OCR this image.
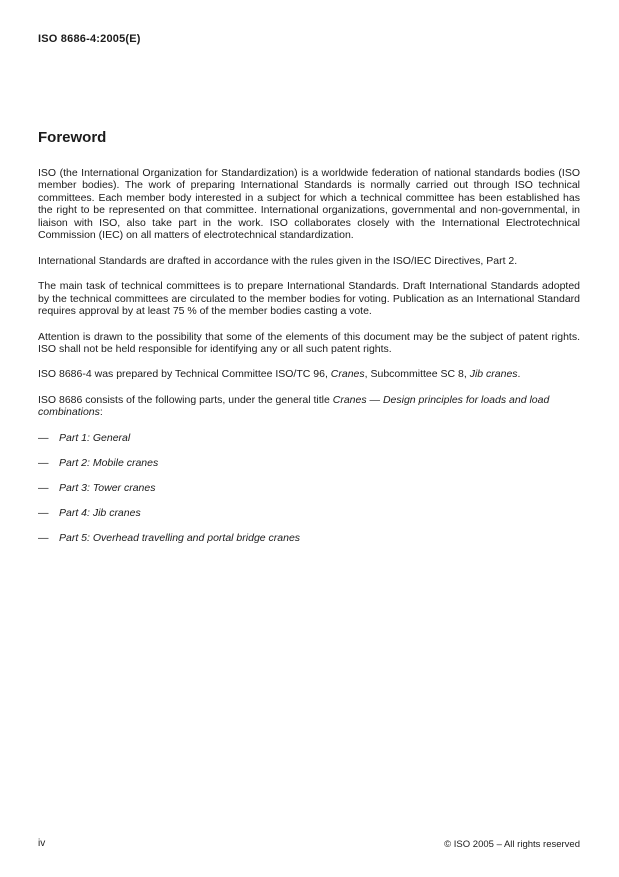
ISO 8686-4:2005(E)
Foreword

ISO (the International Organization for Standardization) is a worldwide federation of national standards bodies (ISO member bodies). The work of preparing International Standards is normally carried out through ISO technical committees. Each member body interested in a subject for which a technical committee has been established has the right to be represented on that committee. International organizations, governmental and non-governmental, in liaison with ISO, also take part in the work. ISO collaborates closely with the International Electrotechnical Commission (IEC) on all matters of electrotechnical standardization.

International Standards are drafted in accordance with the rules given in the ISO/IEC Directives, Part 2.

The main task of technical committees is to prepare International Standards. Draft International Standards adopted by the technical committees are circulated to the member bodies for voting. Publication as an International Standard requires approval by at least 75 % of the member bodies casting a vote.

Attention is drawn to the possibility that some of the elements of this document may be the subject of patent rights. ISO shall not be held responsible for identifying any or all such patent rights.

ISO 8686-4 was prepared by Technical Committee ISO/TC 96, Cranes, Subcommittee SC 8, Jib cranes.

ISO 8686 consists of the following parts, under the general title Cranes — Design principles for loads and load combinations:

— Part 1: General
— Part 2: Mobile cranes
— Part 3: Tower cranes
— Part 4: Jib cranes
— Part 5: Overhead travelling and portal bridge cranes
iv	© ISO 2005 – All rights reserved
